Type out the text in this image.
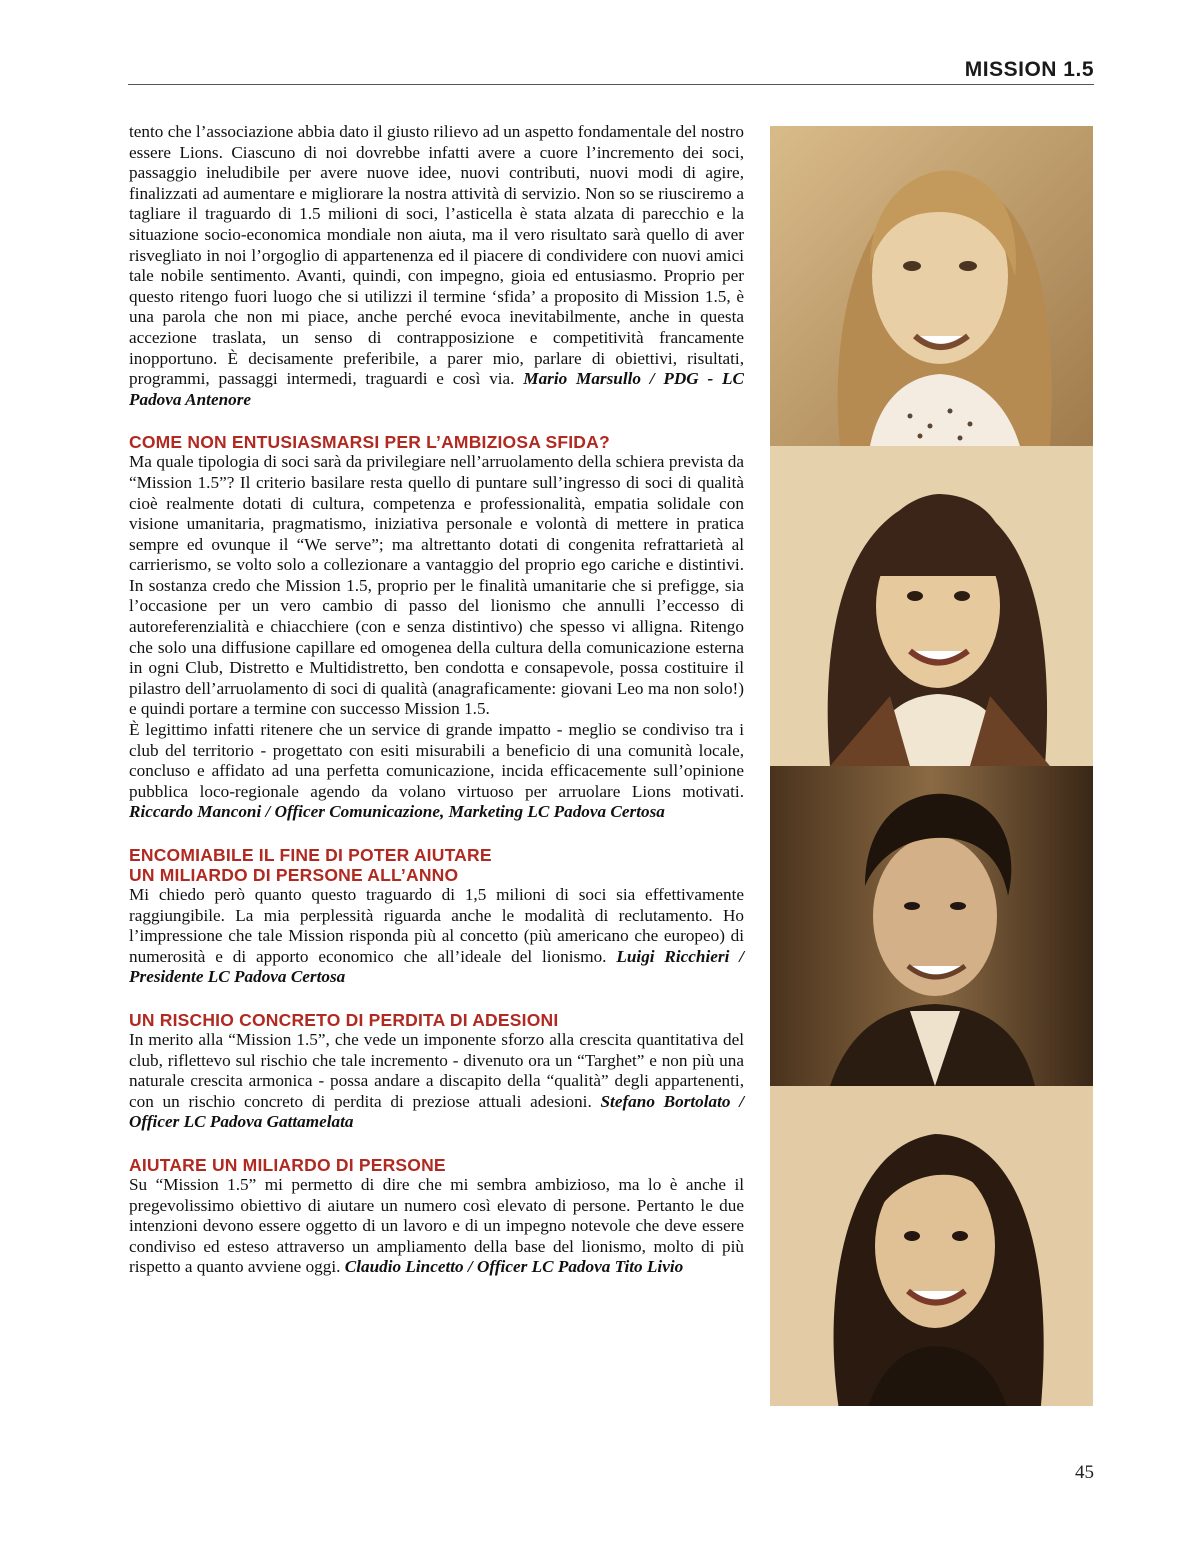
MISSION 1.5

tento che l’associazione abbia dato il giusto rilievo ad un aspetto fondamentale del nostro essere Lions. Ciascuno di noi dovrebbe infatti avere a cuore l’incremento dei soci, passaggio ineludibile per avere nuove idee, nuovi contributi, nuovi modi di agire, finalizzati ad aumentare e migliorare la nostra attività di servizio. Non so se riusciremo a tagliare il traguardo di 1.5 milioni di soci, l’asticella è stata alzata di parecchio e la situazione socio-economica mondiale non aiuta, ma il vero risultato sarà quello di aver risvegliato in noi l’orgoglio di appartenenza ed il piacere di condividere con nuovi amici tale nobile sentimento. Avanti, quindi, con impegno, gioia ed entusiasmo. Proprio per questo ritengo fuori luogo che si utilizzi il termine ‘sfida’ a proposito di Mission 1.5, è una parola che non mi piace, anche perché evoca inevitabilmente, anche in questa accezione traslata, un senso di contrapposizione e competitività francamente inopportuno. È decisamente preferibile, a parer mio, parlare di obiettivi, risultati, programmi, passaggi intermedi, traguardi e così via. Mario Marsullo / PDG - LC Padova Antenore

COME NON ENTUSIASMARSI PER L’AMBIZIOSA SFIDA?

Ma quale tipologia di soci sarà da privilegiare nell’arruolamento della schiera prevista da “Mission 1.5”? Il criterio basilare resta quello di puntare sull’ingresso di soci di qualità cioè realmente dotati di cultura, competenza e professionalità, empatia solidale con visione umanitaria, pragmatismo, iniziativa personale e volontà di mettere in pratica sempre ed ovunque il “We serve”; ma altrettanto dotati di congenita refrattarietà al carrierismo, se volto solo a collezionare a vantaggio del proprio ego cariche e distintivi. In sostanza credo che Mission 1.5, proprio per le finalità umanitarie che si prefigge, sia l’occasione per un vero cambio di passo del lionismo che annulli l’eccesso di autoreferenzialità e chiacchiere (con e senza distintivo) che spesso vi alligna. Ritengo che solo una diffusione capillare ed omogenea della cultura della comunicazione esterna in ogni Club, Distretto e Multidistretto, ben condotta e consapevole, possa costituire il pilastro dell’arruolamento di soci di qualità (anagraficamente: giovani Leo ma non solo!) e quindi portare a termine con successo Mission 1.5.

È legittimo infatti ritenere che un service di grande impatto - meglio se condiviso tra i club del territorio - progettato con esiti misurabili a beneficio di una comunità locale, concluso e affidato ad una perfetta comunicazione, incida efficacemente sull’opinione pubblica loco-regionale agendo da volano virtuoso per arruolare Lions motivati. Riccardo Manconi / Officer Comunicazione, Marketing LC Padova Certosa

ENCOMIABILE IL FINE DI POTER AIUTARE
UN MILIARDO DI PERSONE ALL’ANNO

Mi chiedo però quanto questo traguardo di 1,5 milioni di soci sia effettivamente raggiungibile. La mia perplessità riguarda anche le modalità di reclutamento. Ho l’impressione che tale Mission risponda più al concetto (più americano che europeo) di numerosità e di apporto economico che all’ideale del lionismo. Luigi Ricchieri / Presidente LC Padova Certosa

UN RISCHIO CONCRETO DI PERDITA DI ADESIONI

In merito alla “Mission 1.5”, che vede un imponente sforzo alla crescita quantitativa del club, riflettevo sul rischio che tale incremento - divenuto ora un “Targhet” e non più una naturale crescita armonica - possa andare a discapito della “qualità” degli appartenenti, con un rischio concreto di perdita di preziose attuali adesioni. Stefano Bortolato / Officer LC Padova Gattamelata

AIUTARE UN MILIARDO DI PERSONE

Su “Mission 1.5” mi permetto di dire che mi sembra ambizioso, ma lo è anche il pregevolissimo obiettivo di aiutare un numero così elevato di persone. Pertanto le due intenzioni devono essere oggetto di un lavoro e di un impegno notevole che deve essere condiviso ed esteso attraverso un ampliamento della base del lionismo, molto di più rispetto a quanto avviene oggi. Claudio Lincetto / Officer LC Padova Tito Livio

45
